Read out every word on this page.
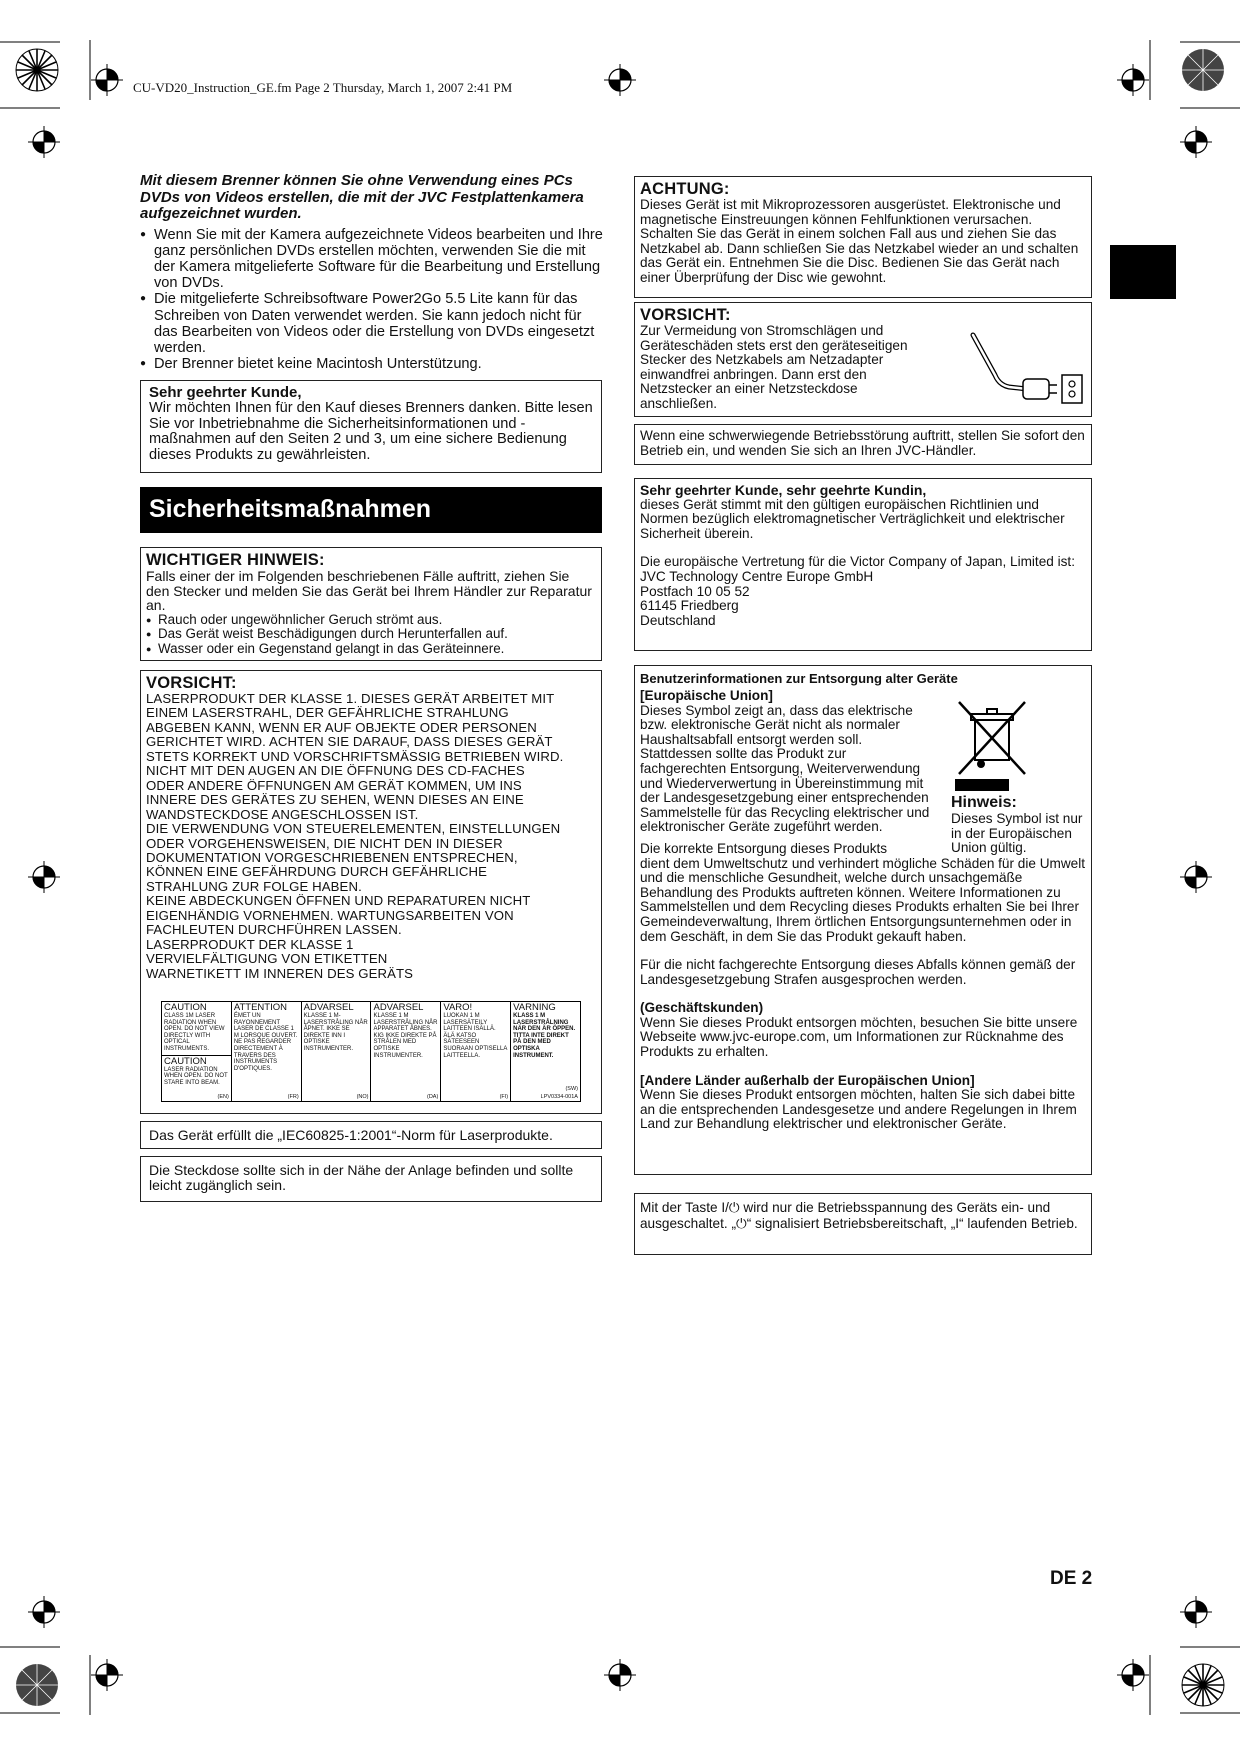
CU-VD20_Instruction_GE.fm Page 2 Thursday, March 1, 2007 2:41 PM

Mit diesem Brenner können Sie ohne Verwendung eines PCs DVDs von Videos erstellen, die mit der JVC Festplattenkamera aufgezeichnet wurden.

● Wenn Sie mit der Kamera aufgezeichnete Videos bearbeiten und Ihre ganz persönlichen DVDs erstellen möchten, verwenden Sie die mit der Kamera mitgelieferte Software für die Bearbeitung und Erstellung von DVDs.
● Die mitgelieferte Schreibsoftware Power2Go 5.5 Lite kann für das Schreiben von Daten verwendet werden. Sie kann jedoch nicht für das Bearbeiten von Videos oder die Erstellung von DVDs eingesetzt werden.
● Der Brenner bietet keine Macintosh Unterstützung.

Sehr geehrter Kunde,

Wir möchten Ihnen für den Kauf dieses Brenners danken. Bitte lesen Sie vor Inbetriebnahme die Sicherheitsinformationen und -maßnahmen auf den Seiten 2 und 3, um eine sichere Bedienung dieses Produkts zu gewährleisten.

Sicherheitsmaßnahmen

WICHTIGER HINWEIS:

Falls einer der im Folgenden beschriebenen Fälle auftritt, ziehen Sie den Stecker und melden Sie das Gerät bei Ihrem Händler zur Reparatur an.

● Rauch oder ungewöhnlicher Geruch strömt aus.
● Das Gerät weist Beschädigungen durch Herunterfallen auf.
● Wasser oder ein Gegenstand gelangt in das Geräteinnere.

VORSICHT:

LASERPRODUKT DER KLASSE 1. DIESES GERÄT ARBEITET MIT
EINEM LASERSTRAHL, DER GEFÄHRLICHE STRAHLUNG
ABGEBEN KANN, WENN ER AUF OBJEKTE ODER PERSONEN
GERICHTET WIRD. ACHTEN SIE DARAUF, DASS DIESES GERÄT
STETS KORREKT UND VORSCHRIFTSMÄSSIG BETRIEBEN WIRD.
NICHT MIT DEN AUGEN AN DIE ÖFFNUNG DES CD-FACHES
ODER ANDERE ÖFFNUNGEN AM GERÄT KOMMEN, UM INS
INNERE DES GERÄTES ZU SEHEN, WENN DIESES AN EINE
WANDSTECKDOSE ANGESCHLOSSEN IST.
DIE VERWENDUNG VON STEUERELEMENTEN, EINSTELLUNGEN
ODER VORGEHENSWEISEN, DIE NICHT DEN IN DIESER
DOKUMENTATION VORGESCHRIEBENEN ENTSPRECHEN,
KÖNNEN EINE GEFÄHRDUNG DURCH GEFÄHRLICHE
STRAHLUNG ZUR FOLGE HABEN.
KEINE ABDECKUNGEN ÖFFNEN UND REPARATUREN NICHT
EIGENHÄNDIG VORNEHMEN. WARTUNGSARBEITEN VON
FACHLEUTEN DURCHFÜHREN LASSEN.
LASERPRODUKT DER KLASSE 1
VERVIELFÄLTIGUNG VON ETIKETTEN
WARNETIKETT IM INNEREN DES GERÄTS
CAUTION
CLASS 1M LASER RADIATION WHEN OPEN. DO NOT VIEW DIRECTLY WITH OPTICAL INSTRUMENTS.
CAUTION
LASER RADIATION WHEN OPEN. DO NOT STARE INTO BEAM.
(EN)
ATTENTION
ÉMET UN RAYONNEMENT LASER DE CLASSE 1 M LORSQUE OUVERT. NE PAS REGARDER DIRECTEMENT À TRAVERS DES INSTRUMENTS D'OPTIQUES.
(FR)
ADVARSEL
KLASSE 1 M-LASERSTRÅLING NÅR ÅPNET. IKKE SE DIREKTE INN I OPTISKE INSTRUMENTER.
(NO)
ADVARSEL
KLASSE 1 M LASERSTRÅLING NÅR APPARATET ÅBNES. KIG IKKE DIREKTE PÅ STRÅLEN MED OPTISKE INSTRUMENTER.
(DA)
VARO!
LUOKAN 1 M LASERSÄTEILY LAITTEEN ISÄLLÄ. ÄLÄ KATSO SÄTEESEEN SUORAAN OPTISELLA LAITTEELLA.
(FI)
VARNING
KLASS 1 M LASERSTRÅLNING NÄR DEN ÄR ÖPPEN. TITTA INTE DIREKT PÅ DEN MED OPTISKA INSTRUMENT.
(SW)
LPV0334-001A

Das Gerät erfüllt die „IEC60825-1:2001“-Norm für Laserprodukte.

Die Steckdose sollte sich in der Nähe der Anlage befinden und sollte leicht zugänglich sein.

ACHTUNG:

Dieses Gerät ist mit Mikroprozessoren ausgerüstet. Elektronische und magnetische Einstreuungen können Fehlfunktionen verursachen. Schalten Sie das Gerät in einem solchen Fall aus und ziehen Sie das Netzkabel ab. Dann schließen Sie das Netzkabel wieder an und schalten das Gerät ein. Entnehmen Sie die Disc. Bedienen Sie das Gerät nach einer Überprüfung der Disc wie gewohnt.

VORSICHT:

Zur Vermeidung von Stromschlägen und Geräteschäden stets erst den geräteseitigen Stecker des Netzkabels am Netzadapter einwandfrei anbringen. Dann erst den Netzstecker an einer Netzsteckdose anschließen.

Wenn eine schwerwiegende Betriebsstörung auftritt, stellen Sie sofort den Betrieb ein, und wenden Sie sich an Ihren JVC-Händler.

Sehr geehrter Kunde, sehr geehrte Kundin,

dieses Gerät stimmt mit den gültigen europäischen Richtlinien und Normen bezüglich elektromagnetischer Verträglichkeit und elektrischer Sicherheit überein.

Die europäische Vertretung für die Victor Company of Japan, Limited ist:

JVC Technology Centre Europe GmbH

Postfach 10 05 52

61145 Friedberg

Deutschland

Benutzerinformationen zur Entsorgung alter Geräte

[Europäische Union]

Dieses Symbol zeigt an, dass das elektrische bzw. elektronische Gerät nicht als normaler Haushaltsabfall entsorgt werden soll. Stattdessen sollte das Produkt zur fachgerechten Entsorgung, Weiterverwendung und Wiederverwertung in Übereinstimmung mit der Landesgesetzgebung einer entsprechenden Sammelstelle für das Recycling elektrischer und elektronischer Geräte zugeführt werden.

Hinweis:

Dieses Symbol ist nur in der Europäischen Union gültig.

Die korrekte Entsorgung dieses Produkts

dient dem Umweltschutz und verhindert mögliche Schäden für die Umwelt und die menschliche Gesundheit, welche durch unsachgemäße Behandlung des Produkts auftreten können. Weitere Informationen zu Sammelstellen und dem Recycling dieses Produkts erhalten Sie bei Ihrer Gemeindeverwaltung, Ihrem örtlichen Entsorgungsunternehmen oder in dem Geschäft, in dem Sie das Produkt gekauft haben.

Für die nicht fachgerechte Entsorgung dieses Abfalls können gemäß der Landesgesetzgebung Strafen ausgesprochen werden.

(Geschäftskunden)

Wenn Sie dieses Produkt entsorgen möchten, besuchen Sie bitte unsere Webseite www.jvc-europe.com, um Informationen zur Rücknahme des Produkts zu erhalten.

[Andere Länder außerhalb der Europäischen Union]

Wenn Sie dieses Produkt entsorgen möchten, halten Sie sich dabei bitte an die entsprechenden Landesgesetze und andere Regelungen in Ihrem Land zur Behandlung elektrischer und elektronischer Geräte.

Mit der Taste I/⏻ wird nur die Betriebsspannung des Geräts ein- und ausgeschaltet. „⏻“ signalisiert Betriebsbereitschaft, „I“ laufenden Betrieb.

DE 2
